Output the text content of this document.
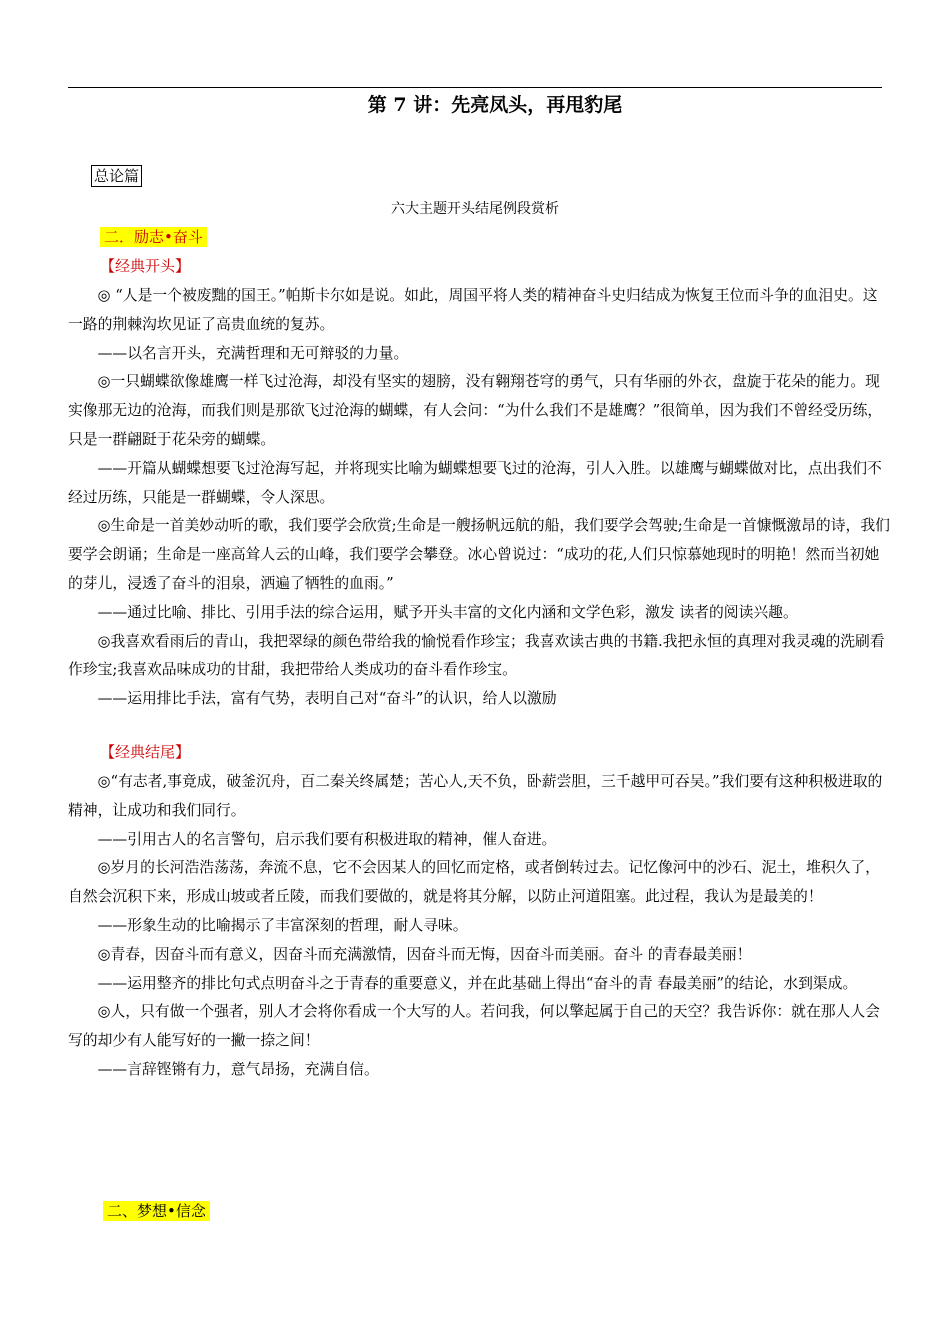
第 7 讲：先亮凤头，再甩豹尾
总论篇
六大主题开头结尾例段赏析
二．励志•奋斗
【经典开头】

◎ “人是一个被废黜的国王。”帕斯卡尔如是说。如此，周国平将人类的精神奋斗史归结成为恢复王位而斗争的血泪史。这一路的荆棘沟坎见证了高贵血统的复苏。

——以名言开头，充满哲理和无可辩驳的力量。

◎一只蝴蝶欲像雄鹰一样飞过沧海，却没有坚实的翅膀，没有翱翔苍穹的勇气，只有华丽的外衣，盘旋于花朵的能力。现实像那无边的沧海，而我们则是那欲飞过沧海的蝴蝶，有人会问：“为什么我们不是雄鹰？”很简单，因为我们不曾经受历练，只是一群翩跹于花朵旁的蝴蝶。

——开篇从蝴蝶想要飞过沧海写起，并将现实比喻为蝴蝶想要飞过的沧海，引人入胜。以雄鹰与蝴蝶做对比，点出我们不经过历练，只能是一群蝴蝶，令人深思。

◎生命是一首美妙动听的歌，我们要学会欣赏;生命是一艘扬帆远航的船，我们要学会驾驶;生命是一首慷慨激昂的诗，我们要学会朗诵；生命是一座高耸人云的山峰，我们要学会攀登。冰心曾说过：“成功的花,人们只惊慕她现时的明艳！然而当初她的芽儿，浸透了奋斗的泪泉，洒遍了牺牲的血雨。”

——通过比喻、排比、引用手法的综合运用，赋予开头丰富的文化内涵和文学色彩，激发 读者的阅读兴趣。

◎我喜欢看雨后的青山，我把翠绿的颜色带给我的愉悦看作珍宝；我喜欢读古典的书籍.我把永恒的真理对我灵魂的洗刷看作珍宝;我喜欢品味成功的甘甜，我把带给人类成功的奋斗看作珍宝。

——运用排比手法，富有气势，表明自己对“奋斗”的认识，给人以激励

【经典结尾】

◎“有志者,事竟成，破釜沉舟，百二秦关终属楚；苦心人,天不负，卧薪尝胆，三千越甲可吞吴。”我们要有这种积极进取的精神，让成功和我们同行。

——引用古人的名言警句，启示我们要有积极进取的精神，催人奋进。

◎岁月的长河浩浩荡荡，奔流不息，它不会因某人的回忆而定格，或者倒转过去。记忆像河中的沙石、泥土，堆积久了，自然会沉积下来，形成山坡或者丘陵，而我们要做的，就是将其分解，以防止河道阻塞。此过程，我认为是最美的！

——形象生动的比喻揭示了丰富深刻的哲理，耐人寻味。

◎青春，因奋斗而有意义，因奋斗而充满激情，因奋斗而无悔，因奋斗而美丽。奋斗 的青春最美丽！

——运用整齐的排比句式点明奋斗之于青春的重要意义，并在此基础上得出“奋斗的青 春最美丽”的结论，水到渠成。

◎人，只有做一个强者，别人才会将你看成一个大写的人。若问我，何以擎起属于自己的天空？我告诉你：就在那人人会写的却少有人能写好的一撇一捺之间！

——言辞铿锵有力，意气昂扬，充满自信。

二、梦想•信念
